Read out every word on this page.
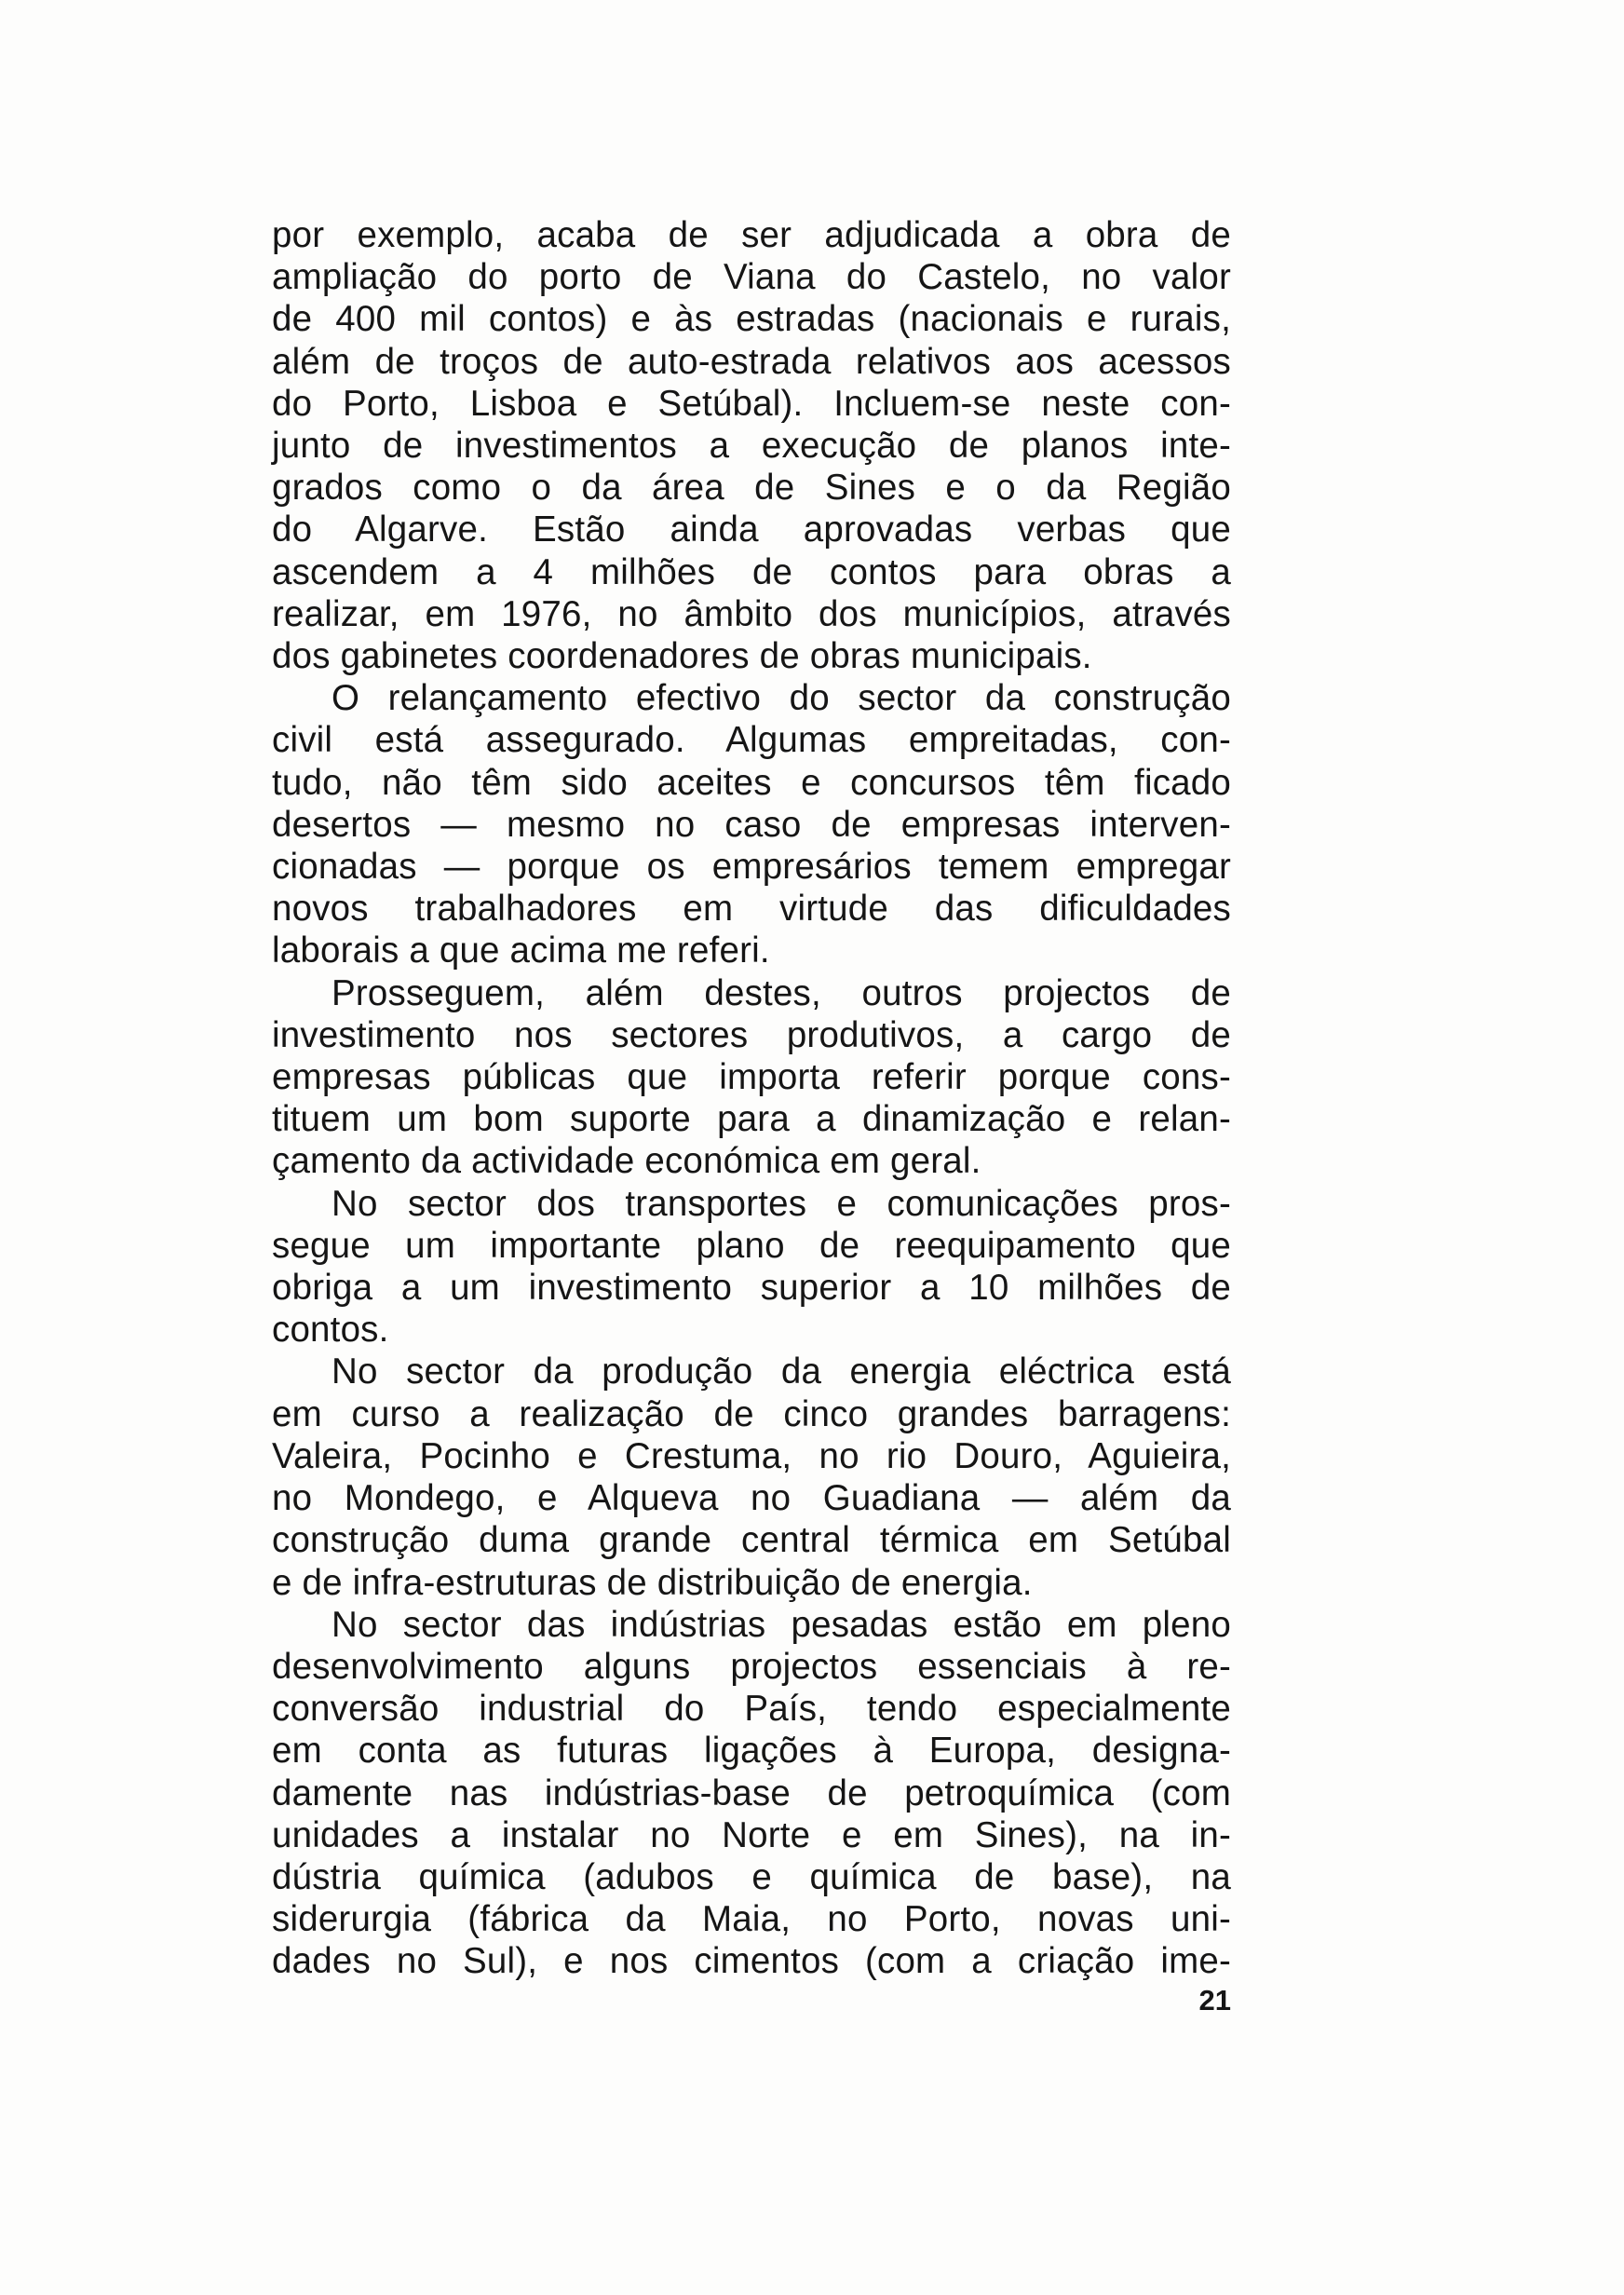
por exemplo, acaba de ser adjudicada a obra de
ampliação do porto de Viana do Castelo, no valor
de 400 mil contos) e às estradas (nacionais e rurais,
além de troços de auto-estrada relativos aos acessos
do Porto, Lisboa e Setúbal). Incluem-se neste con-
junto de investimentos a execução de planos inte-
grados como o da área de Sines e o da Região
do Algarve. Estão ainda aprovadas verbas que
ascendem a 4 milhões de contos para obras a
realizar, em 1976, no âmbito dos municípios, através
dos gabinetes coordenadores de obras municipais.

O relançamento efectivo do sector da construção
civil está assegurado. Algumas empreitadas, con-
tudo, não têm sido aceites e concursos têm ficado
desertos — mesmo no caso de empresas interven-
cionadas — porque os empresários temem empregar
novos trabalhadores em virtude das dificuldades
laborais a que acima me referi.

Prosseguem, além destes, outros projectos de
investimento nos sectores produtivos, a cargo de
empresas públicas que importa referir porque cons-
tituem um bom suporte para a dinamização e relan-
çamento da actividade económica em geral.

No sector dos transportes e comunicações pros-
segue um importante plano de reequipamento que
obriga a um investimento superior a 10 milhões de
contos.

No sector da produção da energia eléctrica está
em curso a realização de cinco grandes barragens:
Valeira, Pocinho e Crestuma, no rio Douro, Aguieira,
no Mondego, e Alqueva no Guadiana — além da
construção duma grande central térmica em Setúbal
e de infra-estruturas de distribuição de energia.

No sector das indústrias pesadas estão em pleno
desenvolvimento alguns projectos essenciais à re-
conversão industrial do País, tendo especialmente
em conta as futuras ligações à Europa, designa-
damente nas indústrias-base de petroquímica (com
unidades a instalar no Norte e em Sines), na in-
dústria química (adubos e química de base), na
siderurgia (fábrica da Maia, no Porto, novas uni-
dades no Sul), e nos cimentos (com a criação ime-

21
